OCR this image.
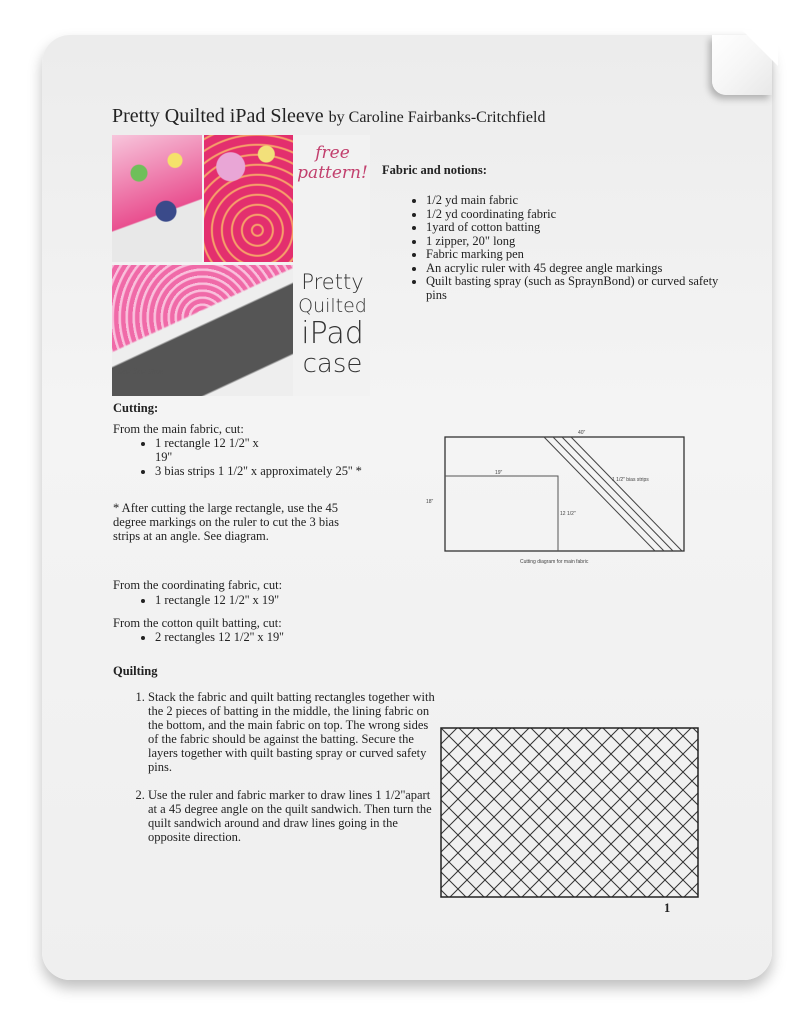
Pretty Quilted iPad Sleeve by Caroline Fairbanks-Critchfield
free pattern!
Sew Sew Shoe
Pretty
Quilted
iPad
case
Fabric and notions:
• 1/2 yd main fabric
• 1/2 yd coordinating fabric
• 1yard of cotton batting
• 1 zipper, 20" long
• Fabric marking pen
• An acrylic ruler with 45 degree angle markings
• Quilt basting spray (such as SpraynBond) or curved safety pins
Cutting:
From the main fabric, cut:
• 1 rectangle 12 1/2'' x 19''
• 3 bias strips 1 1/2'' x approximately 25'' *
* After cutting the large rectangle, use the 45 degree markings on the ruler to cut the 3 bias strips at an angle. See diagram.
From the coordinating fabric, cut:
• 1 rectangle 12 1/2'' x 19''
From the cotton quilt batting, cut:
• 2 rectangles 12 1/2'' x 19''
40"
18"
19"
12 1/2"
1 1/2" bias strips
Cutting diagram for main fabric
Quilting
1. Stack the fabric and quilt batting rectangles together with the 2 pieces of batting in the middle, the lining fabric on the bottom, and the main fabric on top. The wrong sides of the fabric should be against the batting. Secure the layers together with quilt basting spray or curved safety pins.
2. Use the ruler and fabric marker to draw lines 1 1/2''apart at a 45 degree angle on the quilt sandwich. Then turn the quilt sandwich around and draw lines going in the opposite direction.
1
